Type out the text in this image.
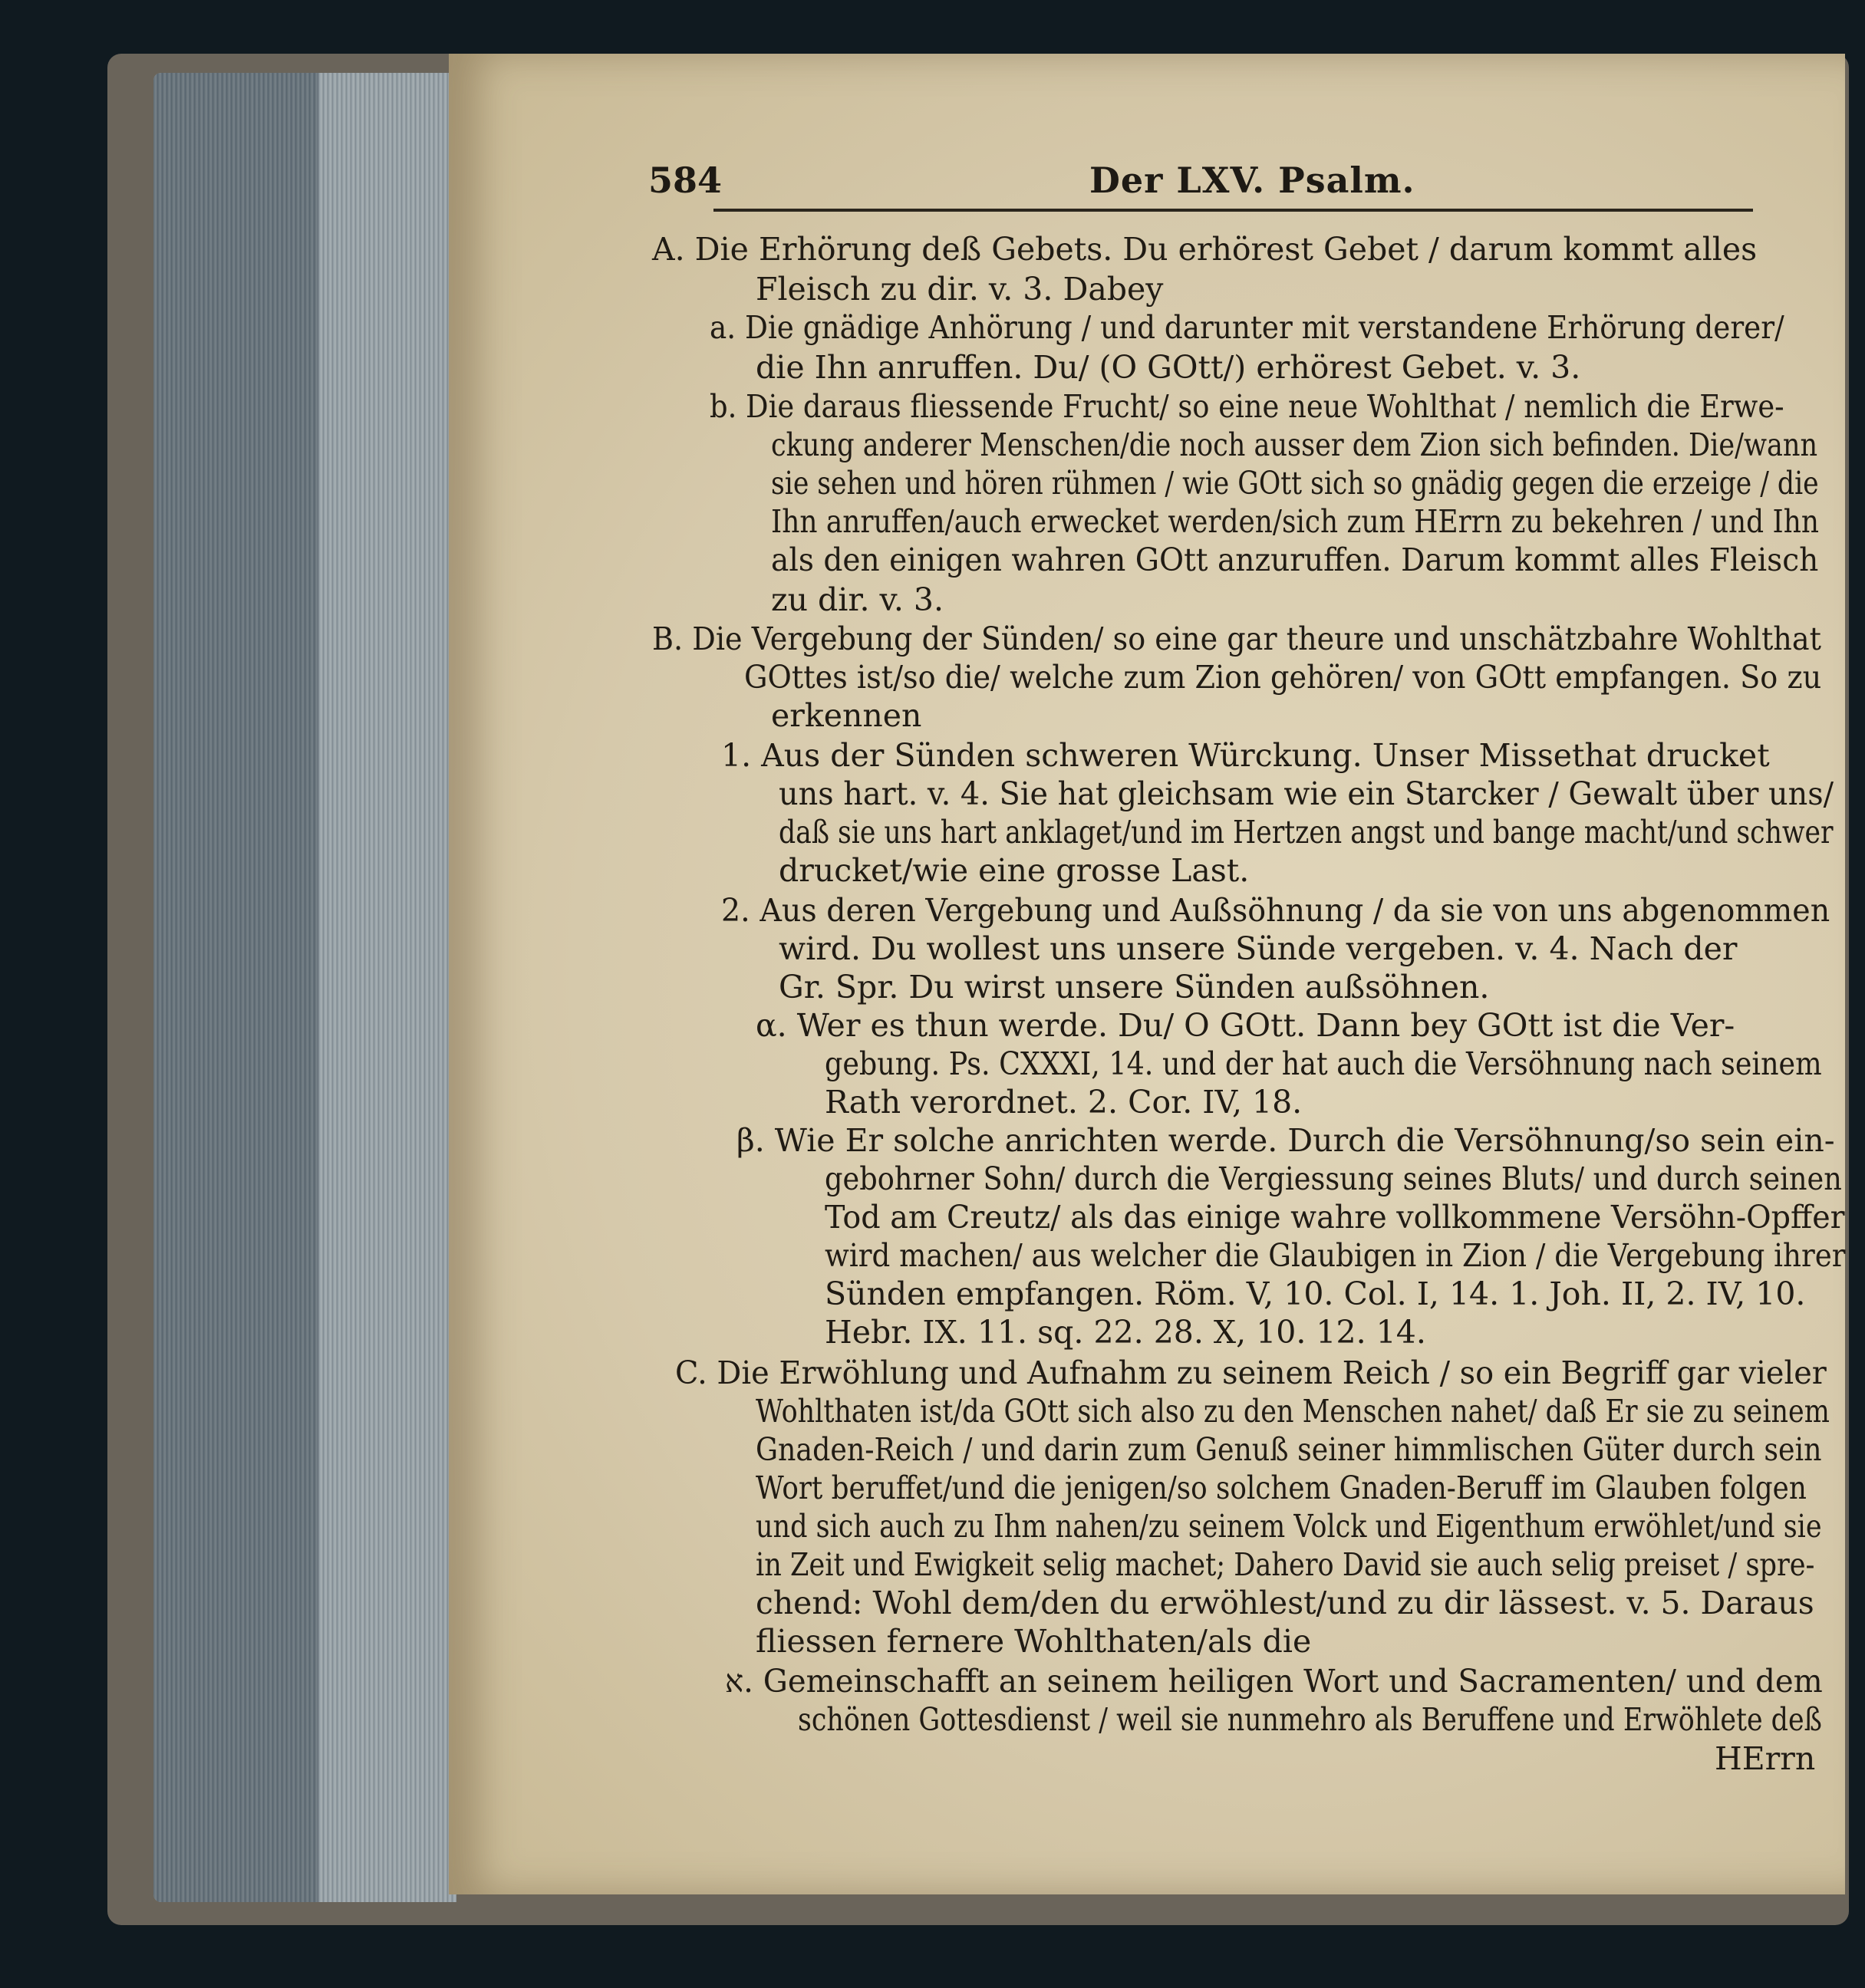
584	Der LXV. Psalm.
A. Die Erhörung deß Gebets. Du erhörest Gebet / darum kommt alles
Fleisch zu dir. v. 3. Dabey
a. Die gnädige Anhörung / und darunter mit verstandene Erhörung derer/
die Ihn anruffen. Du/ (O GOtt/) erhörest Gebet. v. 3.
b. Die daraus fliessende Frucht/ so eine neue Wohlthat / nemlich die Erwe-
ckung anderer Menschen/die noch ausser dem Zion sich befinden. Die/wann
sie sehen und hören rühmen / wie GOtt sich so gnädig gegen die erzeige / die
Ihn anruffen/auch erwecket werden/sich zum HErrn zu bekehren / und Ihn
als den einigen wahren GOtt anzuruffen. Darum kommt alles Fleisch
zu dir. v. 3.
B. Die Vergebung der Sünden/ so eine gar theure und unschätzbahre Wohlthat
GOttes ist/so die/ welche zum Zion gehören/ von GOtt empfangen. So zu
erkennen
1. Aus der Sünden schweren Würckung. Unser Missethat drucket
uns hart. v. 4. Sie hat gleichsam wie ein Starcker / Gewalt über uns/
daß sie uns hart anklaget/und im Hertzen angst und bange macht/und schwer
drucket/wie eine grosse Last.
2. Aus deren Vergebung und Außsöhnung / da sie von uns abgenommen
wird. Du wollest uns unsere Sünde vergeben. v. 4. Nach der
Gr. Spr. Du wirst unsere Sünden außsöhnen.
α. Wer es thun werde. Du/ O GOtt. Dann bey GOtt ist die Ver-
gebung. Ps. CXXXI, 14. und der hat auch die Versöhnung nach seinem
Rath verordnet. 2. Cor. IV, 18.
β. Wie Er solche anrichten werde. Durch die Versöhnung/so sein ein-
gebohrner Sohn/ durch die Vergiessung seines Bluts/ und durch seinen
Tod am Creutz/ als das einige wahre vollkommene Versöhn-Opffer
wird machen/ aus welcher die Glaubigen in Zion / die Vergebung ihrer
Sünden empfangen. Röm. V, 10. Col. I, 14. 1. Joh. II, 2. IV, 10.
Hebr. IX. 11. sq. 22. 28. X, 10. 12. 14.
C. Die Erwöhlung und Aufnahm zu seinem Reich / so ein Begriff gar vieler
Wohlthaten ist/da GOtt sich also zu den Menschen nahet/ daß Er sie zu seinem
Gnaden-Reich / und darin zum Genuß seiner himmlischen Güter durch sein
Wort beruffet/und die jenigen/so solchem Gnaden-Beruff im Glauben folgen
und sich auch zu Ihm nahen/zu seinem Volck und Eigenthum erwöhlet/und sie
in Zeit und Ewigkeit selig machet; Dahero David sie auch selig preiset / spre-
chend: Wohl dem/den du erwöhlest/und zu dir lässest. v. 5. Daraus
fliessen fernere Wohlthaten/als die
א. Gemeinschafft an seinem heiligen Wort und Sacramenten/ und dem
schönen Gottesdienst / weil sie nunmehro als Beruffene und Erwöhlete deß
HErrn
